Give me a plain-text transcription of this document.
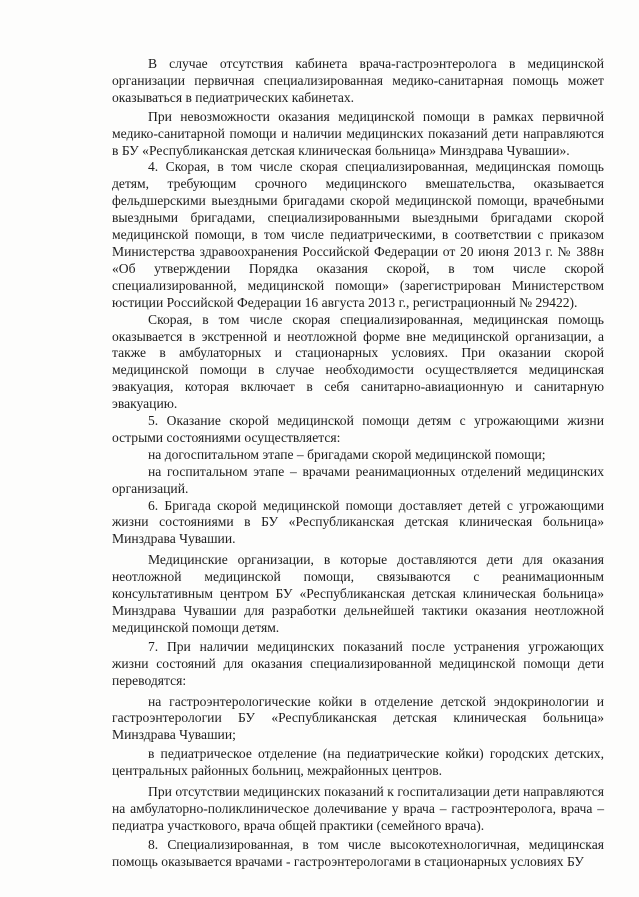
В случае отсутствия кабинета врача-гастроэнтеролога в медицинской организации первичная специализированная медико-санитарная помощь может оказываться в педиатрических кабинетах.

При невозможности оказания медицинской помощи в рамках первичной медико-санитарной помощи и наличии медицинских показаний дети направляются в БУ «Республиканская детская клиническая больница» Минздрава Чувашии».

4. Скорая, в том числе скорая специализированная, медицинская помощь детям, требующим срочного медицинского вмешательства, оказывается фельдшерскими выездными бригадами скорой медицинской помощи, врачебными выездными бригадами, специализированными выездными бригадами скорой медицинской помощи, в том числе педиатрическими, в соответствии с приказом Министерства здравоохранения Российской Федерации от 20 июня 2013 г. № 388н «Об утверждении Порядка оказания скорой, в том числе скорой специализированной, медицинской помощи» (зарегистрирован Министерством юстиции Российской Федерации 16 августа 2013 г., регистрационный № 29422).

Скорая, в том числе скорая специализированная, медицинская помощь оказывается в экстренной и неотложной форме вне медицинской организации, а также в амбулаторных и стационарных условиях. При оказании скорой медицинской помощи в случае необходимости осуществляется медицинская эвакуация, которая включает в себя санитарно-авиационную и санитарную эвакуацию.

5. Оказание скорой медицинской помощи детям с угрожающими жизни острыми состояниями осуществляется:

на догоспитальном этапе – бригадами скорой медицинской помощи;

на госпитальном этапе – врачами реанимационных отделений медицинских организаций.

6. Бригада скорой медицинской помощи доставляет детей с угрожающими жизни состояниями в БУ «Республиканская детская клиническая больница» Минздрава Чувашии.

Медицинские организации, в которые доставляются дети для оказания неотложной медицинской помощи, связываются с реанимационным консультативным центром БУ «Республиканская детская клиническая больница» Минздрава Чувашии для разработки дельнейшей тактики оказания неотложной медицинской помощи детям.

7. При наличии медицинских показаний после устранения угрожающих жизни состояний для оказания специализированной медицинской помощи дети переводятся:

на гастроэнтерологические койки в отделение детской эндокринологии и гастроэнтерологии БУ «Республиканская детская клиническая больница» Минздрава Чувашии;

в педиатрическое отделение (на педиатрические койки) городских детских, центральных районных больниц, межрайонных центров.

При отсутствии медицинских показаний к госпитализации дети направляются на амбулаторно-поликлиническое долечивание у врача – гастроэнтеролога, врача – педиатра участкового, врача общей практики (семейного врача).

8. Специализированная, в том числе высокотехнологичная, медицинская помощь оказывается врачами - гастроэнтерологами в стационарных условиях БУ
